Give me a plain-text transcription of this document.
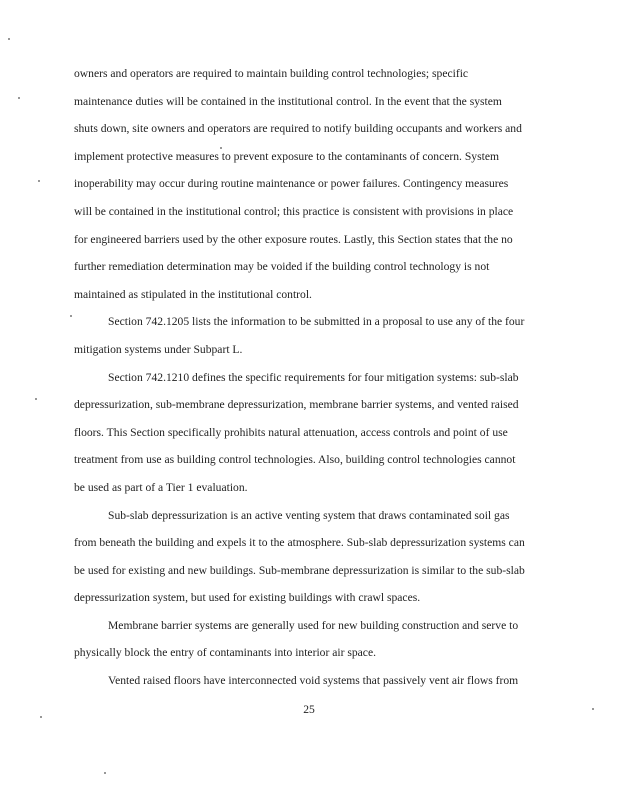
owners and operators are required to maintain building control technologies; specific
maintenance duties will be contained in the institutional control. In the event that the system
shuts down, site owners and operators are required to notify building occupants and workers and
implement protective measures to prevent exposure to the contaminants of concern. System
inoperability may occur during routine maintenance or power failures. Contingency measures
will be contained in the institutional control; this practice is consistent with provisions in place
for engineered barriers used by the other exposure routes. Lastly, this Section states that the no
further remediation determination may be voided if the building control technology is not
maintained as stipulated in the institutional control.
Section 742.1205 lists the information to be submitted in a proposal to use any of the four
mitigation systems under Subpart L.
Section 742.1210 defines the specific requirements for four mitigation systems: sub-slab
depressurization, sub-membrane depressurization, membrane barrier systems, and vented raised
floors. This Section specifically prohibits natural attenuation, access controls and point of use
treatment from use as building control technologies. Also, building control technologies cannot
be used as part of a Tier 1 evaluation.
Sub-slab depressurization is an active venting system that draws contaminated soil gas
from beneath the building and expels it to the atmosphere. Sub-slab depressurization systems can
be used for existing and new buildings. Sub-membrane depressurization is similar to the sub-slab
depressurization system, but used for existing buildings with crawl spaces.
Membrane barrier systems are generally used for new building construction and serve to
physically block the entry of contaminants into interior air space.
Vented raised floors have interconnected void systems that passively vent air flows from
25
